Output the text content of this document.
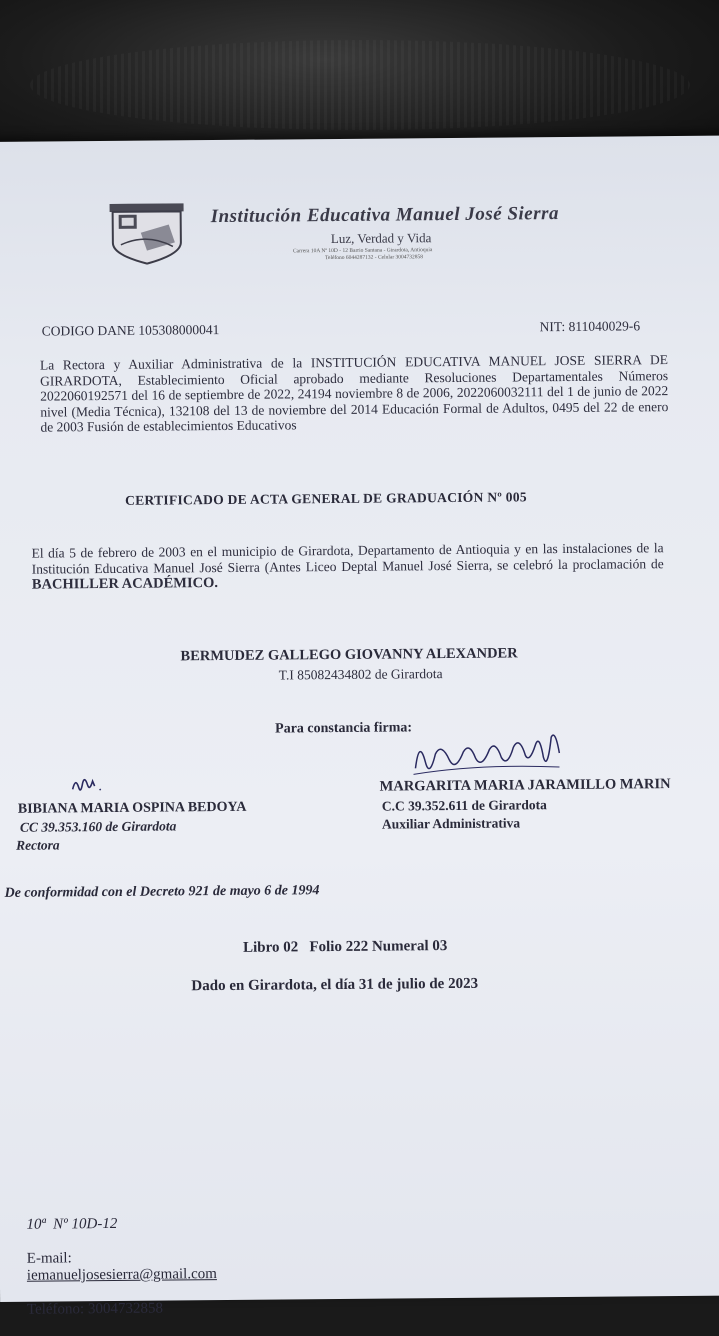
Institución Educativa Manuel José Sierra
Luz, Verdad y Vida
Carrera 10A Nº 10D - 12 Barrio Santana - Girardota, Antioquia
Teléfono 6044287132 - Celular 3004732858
CODIGO DANE 105308000041	NIT: 811040029-6
La Rectora y Auxiliar Administrativa de la INSTITUCIÓN EDUCATIVA MANUEL JOSE SIERRA DE GIRARDOTA, Establecimiento Oficial aprobado mediante Resoluciones Departamentales Números 2022060192571 del 16 de septiembre de 2022, 24194 noviembre 8 de 2006, 2022060032111 del 1 de junio de 2022 nivel (Media Técnica), 132108 del 13 de noviembre del 2014 Educación Formal de Adultos, 0495 del 22 de enero de 2003 Fusión de establecimientos Educativos
CERTIFICADO DE ACTA GENERAL DE GRADUACIÓN Nº 005
El día 5 de febrero de 2003 en el municipio de Girardota, Departamento de Antioquia y en las instalaciones de la Institución Educativa Manuel José Sierra (Antes Liceo Deptal Manuel José Sierra, se celebró la proclamación de BACHILLER ACADÉMICO.
BERMUDEZ GALLEGO GIOVANNY ALEXANDER
T.I 85082434802 de Girardota
Para constancia firma:
BIBIANA MARIA OSPINA BEDOYA
CC 39.353.160 de Girardota
Rectora
MARGARITA MARIA JARAMILLO MARIN
C.C 39.352.611 de Girardota
Auxiliar Administrativa
De conformidad con el Decreto 921 de mayo 6 de 1994
Libro 02   Folio 222 Numeral 03
Dado en Girardota, el día 31 de julio de 2023

10ª  Nº 10D-12

E-mail:
iemanueljosesierra@gmail.com

Teléfono: 3004732858
